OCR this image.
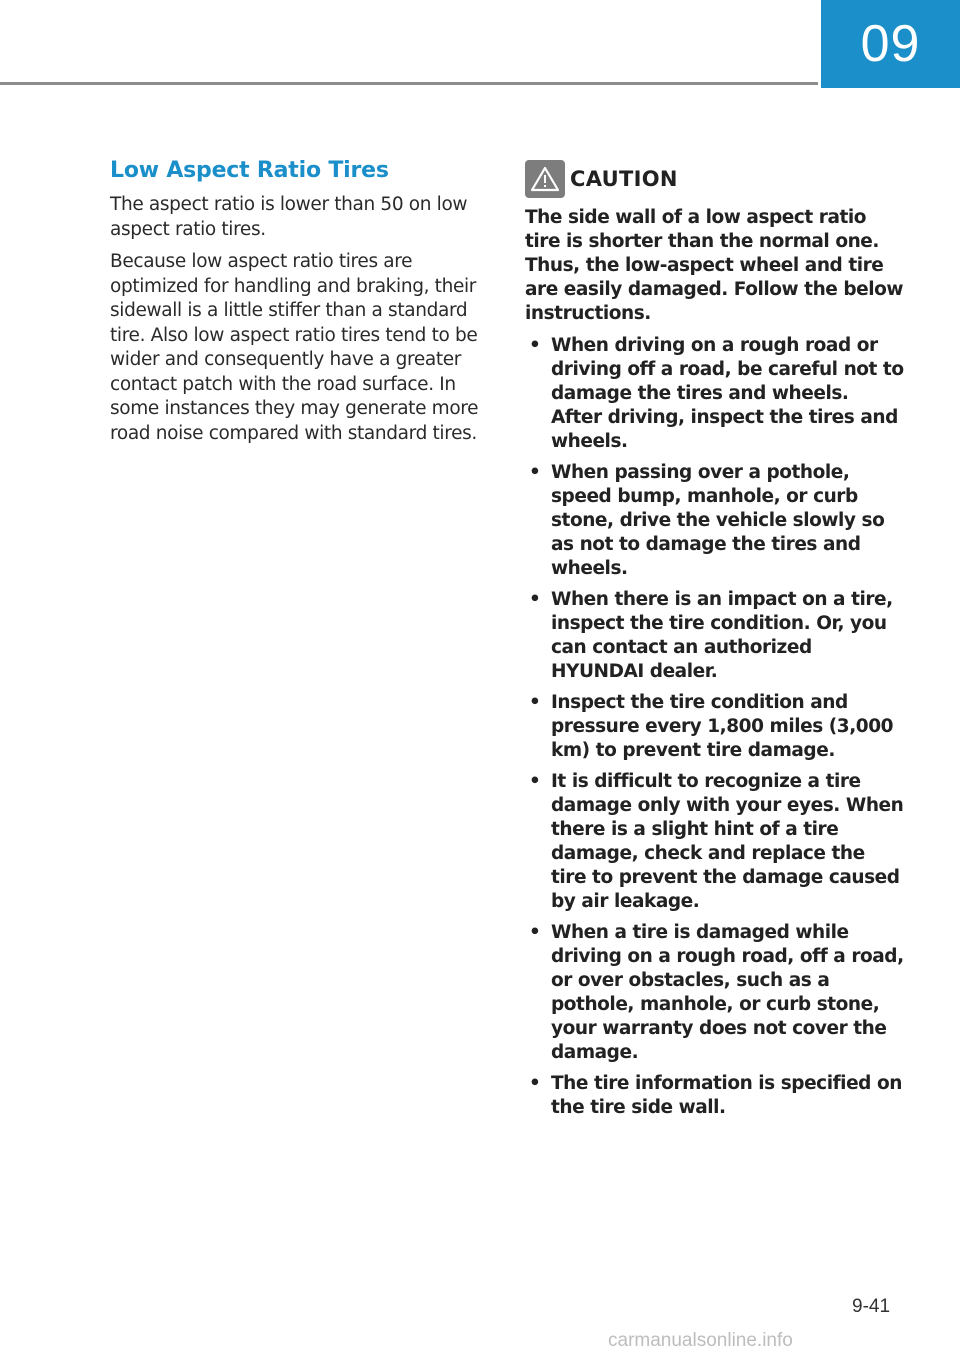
09
Low Aspect Ratio Tires

The aspect ratio is lower than 50 on low aspect ratio tires.

Because low aspect ratio tires are optimized for handling and braking, their sidewall is a little stiffer than a standard tire. Also low aspect ratio tires tend to be wider and consequently have a greater contact patch with the road surface. In some instances they may generate more road noise compared with standard tires.

CAUTION

The side wall of a low aspect ratio tire is shorter than the normal one. Thus, the low-aspect wheel and tire are easily damaged. Follow the below instructions.

• When driving on a rough road or driving off a road, be careful not to damage the tires and wheels. After driving, inspect the tires and wheels.
• When passing over a pothole, speed bump, manhole, or curb stone, drive the vehicle slowly so as not to damage the tires and wheels.
• When there is an impact on a tire, inspect the tire condition. Or, you can contact an authorized HYUNDAI dealer.
• Inspect the tire condition and pressure every 1,800 miles (3,000 km) to prevent tire damage.
• It is difficult to recognize a tire damage only with your eyes. When there is a slight hint of a tire damage, check and replace the tire to prevent the damage caused by air leakage.
• When a tire is damaged while driving on a rough road, off a road, or over obstacles, such as a pothole, manhole, or curb stone, your warranty does not cover the damage.
• The tire information is specified on the tire side wall.
9-41
carmanualsonline.info
